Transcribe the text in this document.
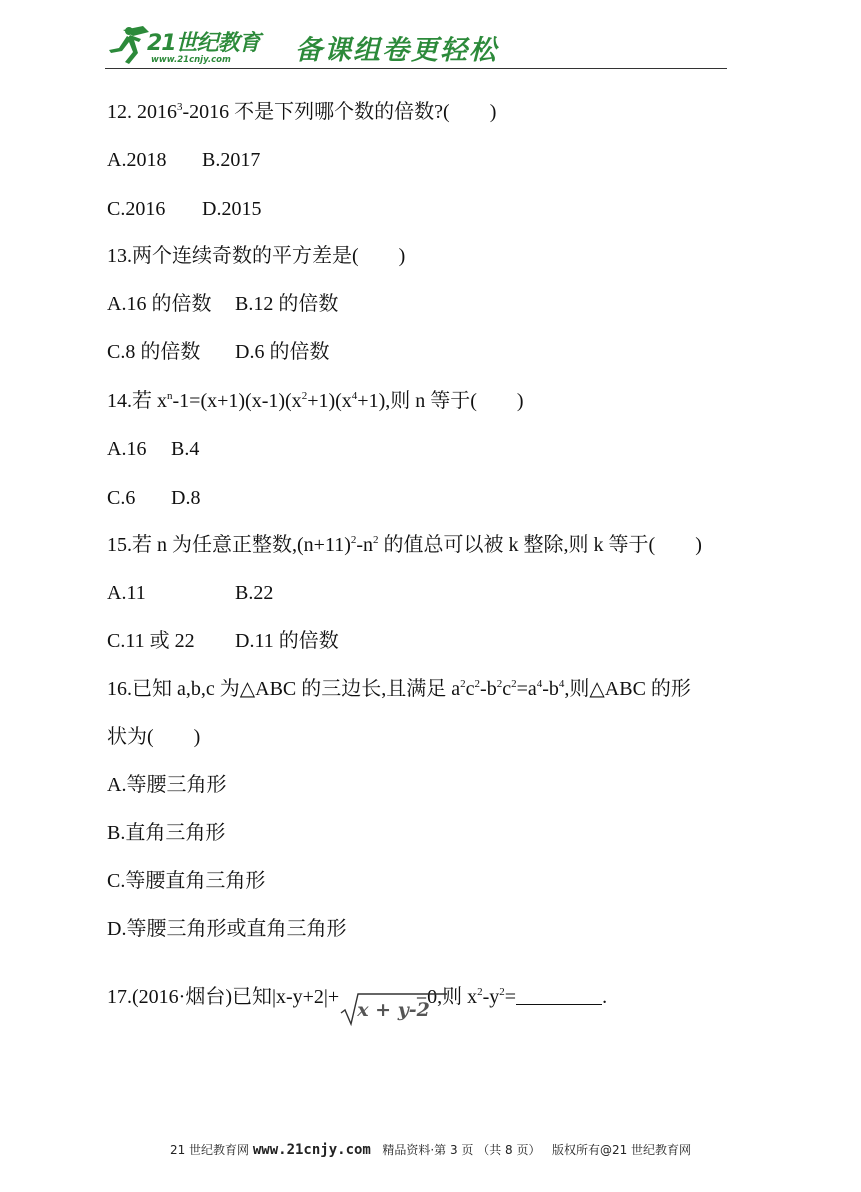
21世纪教育
www.21cnjy.com 备课组卷更轻松
12. 2016$^3$-2016 不是下列哪个数的倍数?( )
A.2018 B.2017
C.2016 D.2015
13.两个连续奇数的平方差是( )
A.16 的倍数 B.12 的倍数
C.8 的倍数 D.6 的倍数
14.若 $x^n-1=(x+1)(x-1)(x^2+1)(x^4+1)$,则 n 等于( )
A.16 B.4
C.6 D.8
15.若 n 为任意正整数$,(n+11)^2-n^2$ 的值总可以被 k 整除,则 k 等于( )
A.11	B.22
C.11 或 22 D.11 的倍数
16.已知 a,b,c 为△ABC 的三边长,且满足 $a^2c^2-b^2c^2=a^4-b^4$,则△ABC 的形
状为( )
A.等腰三角形
B.直角三角形
C.等腰直角三角形
D.等腰三角形或直角三角形
17.(2016·烟台)已知|x-y+2|+
x + y-2=0,则 $x^2-y^2=$	.
21 世纪教育网 www.21cnjy.com 精品资料·第 3 页 （共 8 页） 版权所有@21 世纪教育网
